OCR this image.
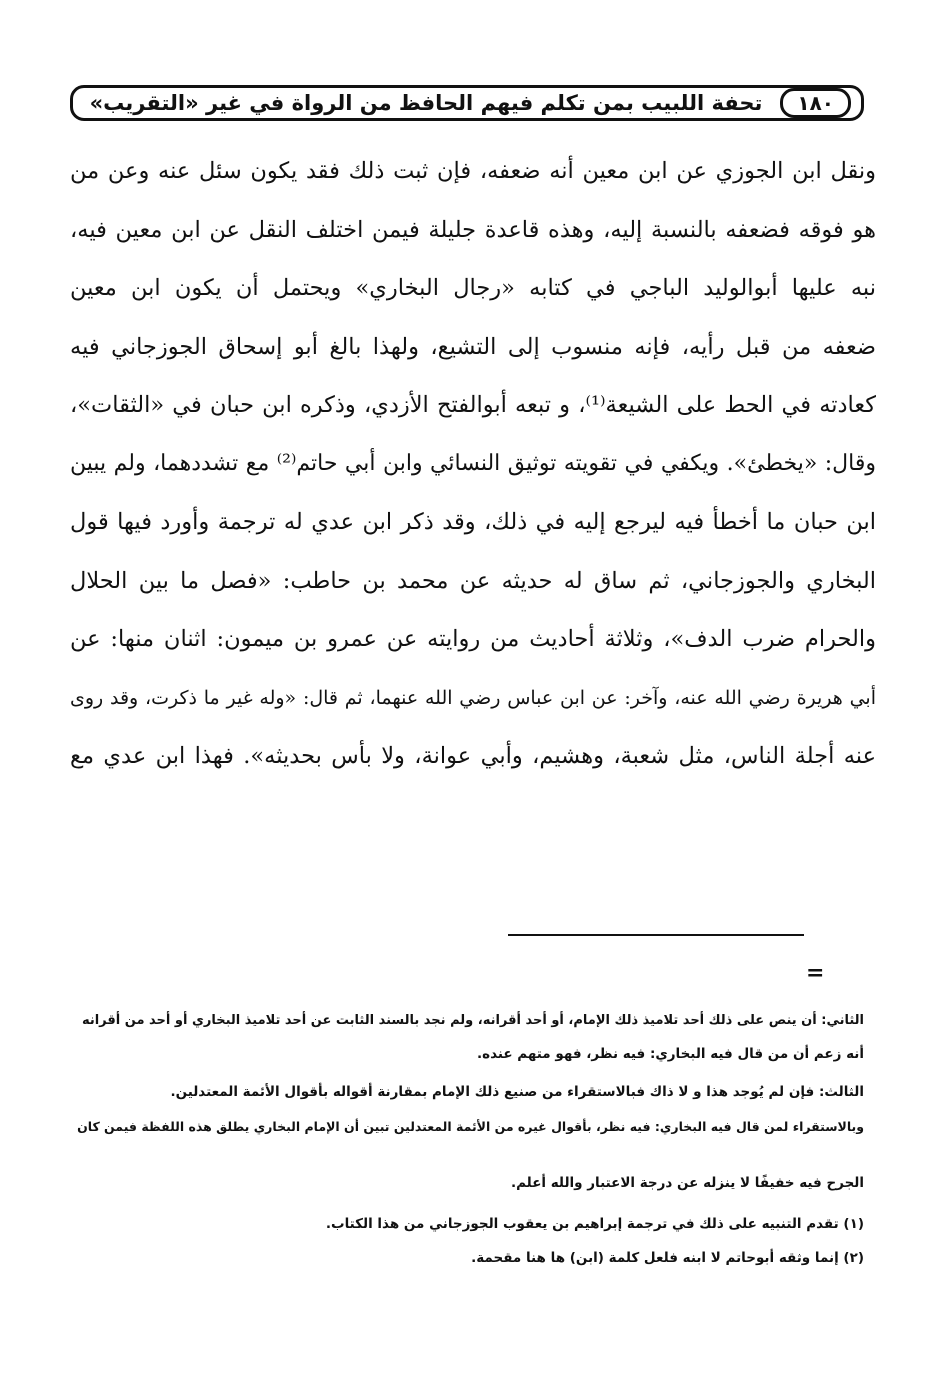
١٨٠
تحفة اللبيب بمن تكلم فيهم الحافظ من الرواة في غير «التقريب»
ونقل ابن الجوزي عن ابن معين أنه ضعفه، فإن ثبت ذلك فقد يكون سئل عنه وعن من
هو فوقه فضعفه بالنسبة إليه، وهذه قاعدة جليلة فيمن اختلف النقل عن ابن معين فيه،
نبه عليها أبوالوليد الباجي في كتابه «رجال البخاري» ويحتمل أن يكون ابن معين
ضعفه من قبل رأيه، فإنه منسوب إلى التشيع، ولهذا بالغ أبو إسحاق الجوزجاني فيه
كعادته في الحط على الشيعة⁽¹⁾، و تبعه أبوالفتح الأزدي، وذكره ابن حبان في «الثقات»،
وقال: «يخطئ». ويكفي في تقويته توثيق النسائي وابن أبي حاتم⁽²⁾ مع تشددهما، ولم يبين
ابن حبان ما أخطأ فيه ليرجع إليه في ذلك، وقد ذكر ابن عدي له ترجمة وأورد فيها قول
البخاري والجوزجاني، ثم ساق له حديثه عن محمد بن حاطب: «فصل ما بين الحلال
والحرام ضرب الدف»، وثلاثة أحاديث من روايته عن عمرو بن ميمون: اثنان منها: عن
أبي هريرة رضي الله عنه، وآخر: عن ابن عباس رضي الله عنهما، ثم قال: «وله غير ما ذكرت، وقد روى
عنه أجلة الناس، مثل شعبة، وهشيم، وأبي عوانة، ولا بأس بحديثه». فهذا ابن عدي مع
=
الثاني: أن ينص على ذلك أحد تلاميذ ذلك الإمام، أو أحد أقرانه، ولم نجد بالسند الثابت عن أحد تلاميذ البخاري أو أحد من أقرانه
أنه زعم أن من قال فيه البخاري: فيه نظر، فهو متهم عنده.
الثالث: فإن لم يُوجد هذا و لا ذاك فبالاستقراء من صنيع ذلك الإمام بمقارنة أقواله بأقوال الأئمة المعتدلين.
وبالاستقراء لمن قال فيه البخاري: فيه نظر، بأقوال غيره من الأئمة المعتدلين تبين أن الإمام البخاري يطلق هذه اللفظة فيمن كان
الجرح فيه خفيفًا لا ينزله عن درجة الاعتبار والله أعلم.
(١) تقدم التنبيه على ذلك في ترجمة إبراهيم بن يعقوب الجوزجاني من هذا الكتاب.
(٢) إنما وثقه أبوحاتم لا ابنه فلعل كلمة (ابن) ها هنا مقحمة.
